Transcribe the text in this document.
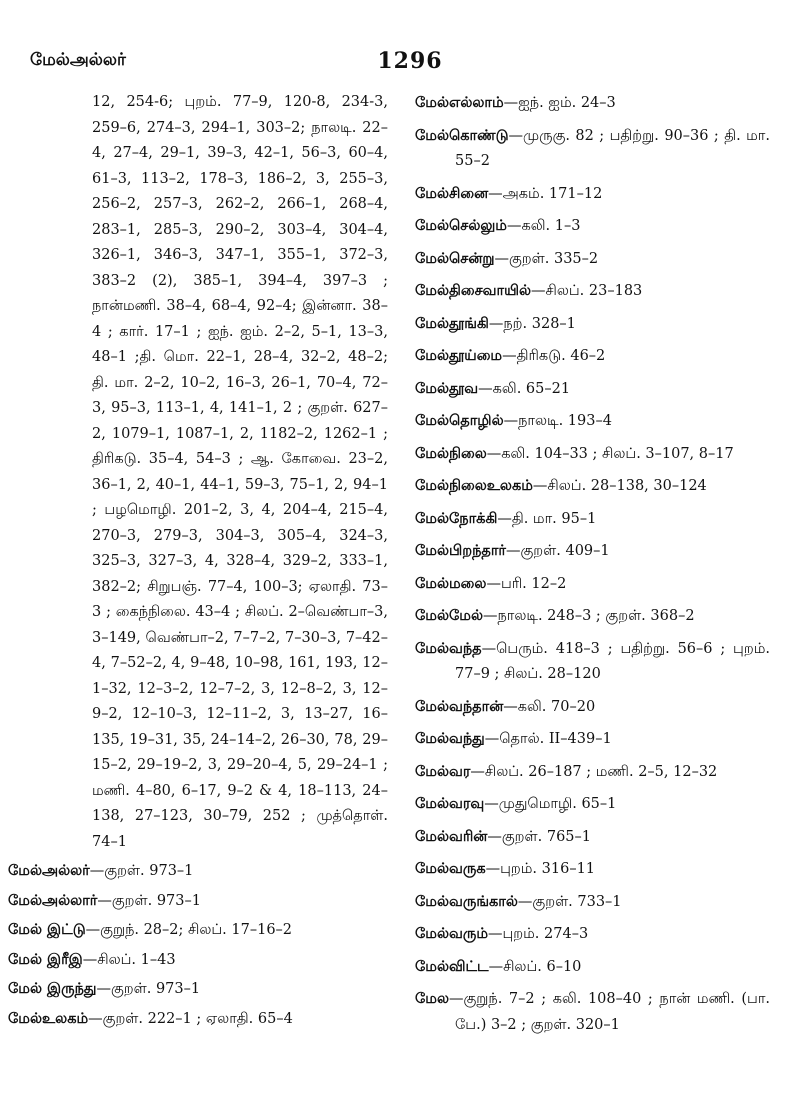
மேல்அல்லர்	1296
12, 254-6; புறம். 77–9, 120-8, 234-3, 259–6, 274–3, 294–1, 303–2; நாலடி. 22–4, 27–4, 29–1, 39–3, 42–1, 56–3, 60–4, 61–3, 113–2, 178–3, 186–2, 3, 255–3, 256–2, 257–3, 262–2, 266–1, 268–4, 283–1, 285–3, 290–2, 303–4, 304–4, 326–1, 346–3, 347–1, 355–1, 372–3, 383–2 (2), 385–1, 394–4, 397–3 ; நான்மணி. 38–4, 68–4, 92–4; இன்னா. 38–4 ; கார். 17–1 ; ஐந். ஐம். 2–2, 5–1, 13–3, 48–1 ;தி. மொ. 22–1, 28–4, 32–2, 48–2; தி. மா. 2–2, 10–2, 16–3, 26–1, 70–4, 72–3, 95–3, 113–1, 4, 141–1, 2 ; குறள். 627–2, 1079–1, 1087–1, 2, 1182–2, 1262–1 ; திரிகடு. 35–4, 54–3 ; ஆ. கோவை. 23–2, 36–1, 2, 40–1, 44–1, 59–3, 75–1, 2, 94–1 ; பழமொழி. 201–2, 3, 4, 204–4, 215–4, 270–3, 279–3, 304–3, 305–4, 324–3, 325–3, 327–3, 4, 328–4, 329–2, 333–1, 382–2; சிறுபஞ். 77–4, 100–3; ஏலாதி. 73–3 ; கைந்நிலை. 43–4 ; சிலப். 2–வெண்பா–3, 3–149, வெண்பா–2, 7–7–2, 7–30–3, 7–42–4, 7–52–2, 4, 9–48, 10–98, 161, 193, 12–1–32, 12–3–2, 12–7–2, 3, 12–8–2, 3, 12–9–2, 12–10–3, 12–11–2, 3, 13–27, 16–135, 19–31, 35, 24–14–2, 26–30, 78, 29–15–2, 29–19–2, 3, 29–20–4, 5, 29–24–1 ; மணி. 4–80, 6–17, 9–2 & 4, 18–113, 24–138, 27–123, 30–79, 252 ; முத்தொள். 74–1
மேல்அல்லர்—குறள். 973–1
மேல்அல்லார்—குறள். 973–1
மேல் இட்டு—குறுந். 28–2; சிலப். 17–16–2
மேல் இரீஇ—சிலப். 1–43
மேல் இருந்து—குறள். 973–1
மேல்உலகம்—குறள். 222–1 ; ஏலாதி. 65–4
மேல்எல்லாம்—ஐந். ஐம். 24–3
மேல்கொண்டு—முருகு. 82 ; பதிற்று. 90–36 ; தி. மா. 55–2
மேல்சினை—அகம். 171–12
மேல்செல்லும்—கலி. 1–3
மேல்சென்று—குறள். 335–2
மேல்திசைவாயில்—சிலப். 23–183
மேல்தூங்கி—நற். 328–1
மேல்தூய்மை—திரிகடு. 46–2
மேல்தூவ—கலி. 65–21
மேல்தொழில்—நாலடி. 193–4
மேல்நிலை—கலி. 104–33 ; சிலப். 3–107, 8–17
மேல்நிலைஉலகம்—சிலப். 28–138, 30–124
மேல்நோக்கி—தி. மா. 95–1
மேல்பிறந்தார்—குறள். 409–1
மேல்மலை—பரி. 12–2
மேல்மேல்—நாலடி. 248–3 ; குறள். 368–2
மேல்வந்த—பெரும். 418–3 ; பதிற்று. 56–6 ; புறம். 77–9 ; சிலப். 28–120
மேல்வந்தான்—கலி. 70–20
மேல்வந்து—தொல். II–439–1
மேல்வர—சிலப். 26–187 ; மணி. 2–5, 12–32
மேல்வரவு—முதுமொழி. 65–1
மேல்வரின்—குறள். 765–1
மேல்வருக—புறம். 316–11
மேல்வருங்கால்—குறள். 733–1
மேல்வரும்—புறம். 274–3
மேல்விட்ட—சிலப். 6–10
மேல—குறுந். 7–2 ; கலி. 108–40 ; நான் மணி. (பா. பே.) 3–2 ; குறள். 320–1
